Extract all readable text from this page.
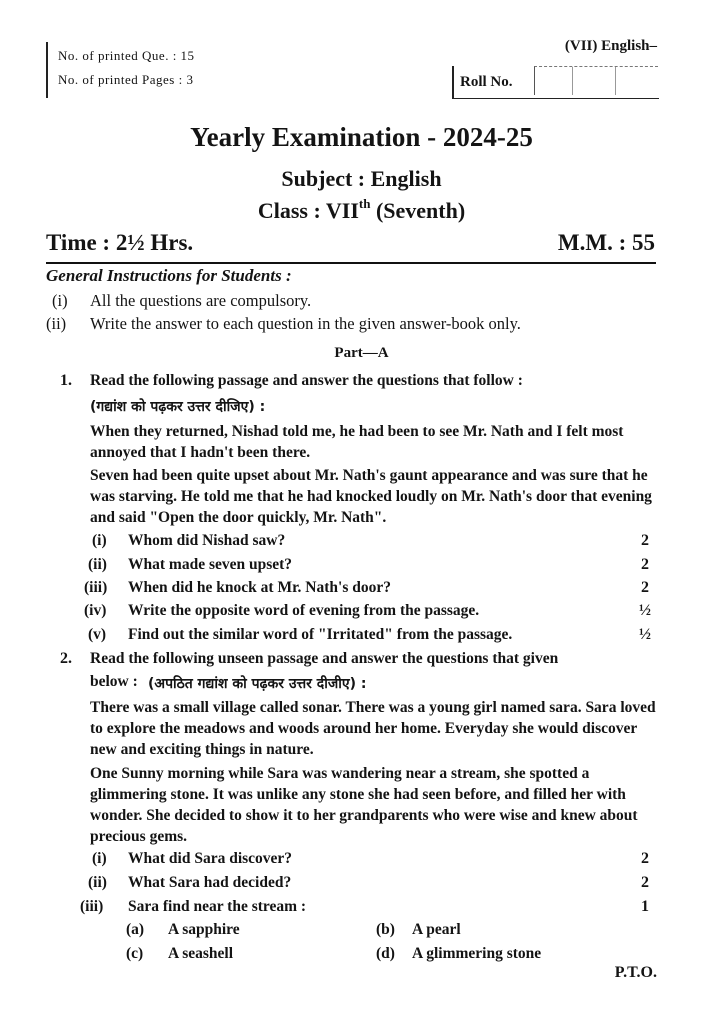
No. of printed Que. : 15
No. of printed Pages : 3
(VII) English–
Roll No.
Yearly Examination - 2024-25
Subject : English
Class : VIIth (Seventh)
Time : 2½ Hrs.	M.M. : 55
General Instructions for Students :
(i) All the questions are compulsory.
(ii) Write the answer to each question in the given answer-book only.
Part—A
1. Read the following passage and answer the questions that follow :
(गद्यांश को पढ़कर उत्तर दीजिए) :
When they returned, Nishad told me, he had been to see Mr. Nath and I felt most annoyed that I hadn't been there.
Seven had been quite upset about Mr. Nath's gaunt appearance and was sure that he was starving. He told me that he had knocked loudly on Mr. Nath's door that evening and said "Open the door quickly, Mr. Nath".
(i) Whom did Nishad saw?	2
(ii) What made seven upset?	2
(iii) When did he knock at Mr. Nath's door?	2
(iv) Write the opposite word of evening from the passage.	½
(v) Find out the similar word of "Irritated" from the passage.	½
2. Read the following unseen passage and answer the questions that given
below : (अपठित गद्यांश को पढ़कर उत्तर दीजीए) :
There was a small village called sonar. There was a young girl named sara. Sara loved to explore the meadows and woods around her home. Everyday she would discover new and exciting things in nature.
One Sunny morning while Sara was wandering near a stream, she spotted a glimmering stone. It was unlike any stone she had seen before, and filled her with wonder. She decided to show it to her grandparents who were wise and knew about precious gems.
(i) What did Sara discover?	2
(ii) What Sara had decided?	2
(iii) Sara find near the stream :	1
(a) A sapphire	(b) A pearl
(c) A seashell	(d) A glimmering stone
P.T.O.
